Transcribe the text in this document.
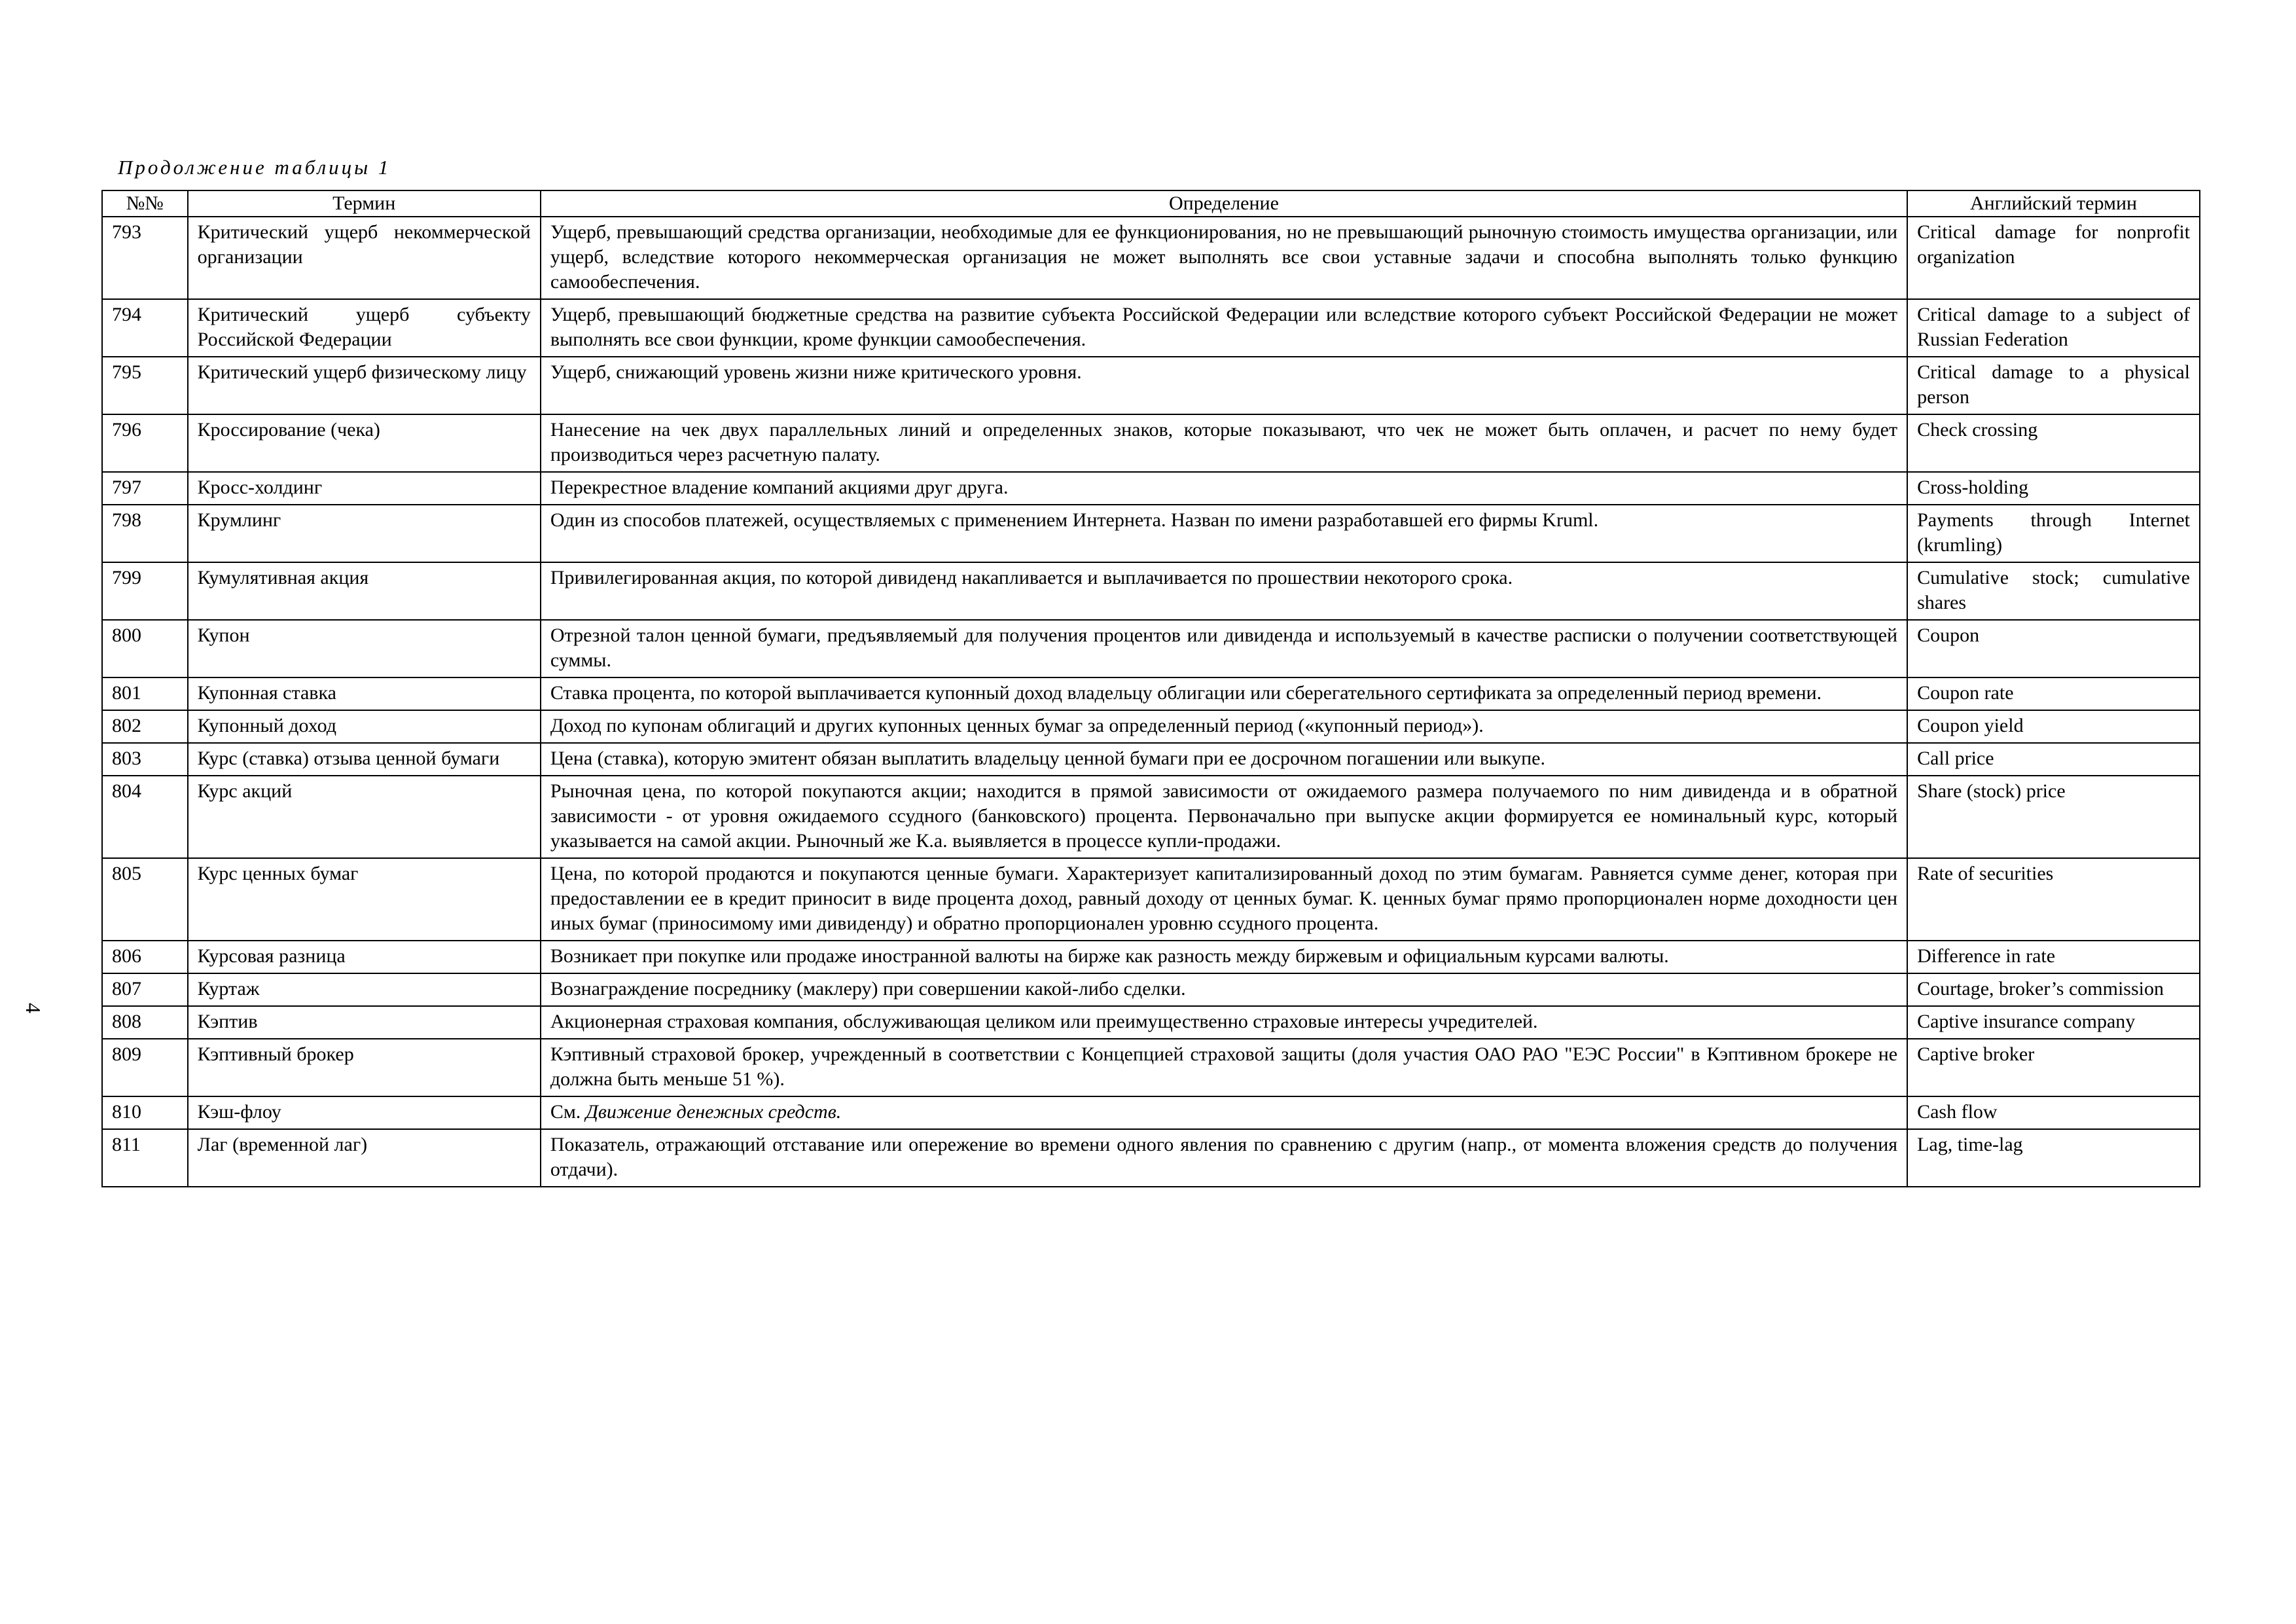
4
Продолжение таблицы 1
№№	Термин	Определение	Английский термин
793	Критический ущерб некоммерческой организации	Ущерб, превышающий средства организации, необходимые для ее функционирования, но не превышающий рыночную стоимость имущества организации, или ущерб, вследствие которого некоммерческая организация не может выполнять все свои уставные задачи и способна выполнять только функцию самообеспечения.	Critical damage for nonprofit organization
794	Критический ущерб субъекту Российской Федерации	Ущерб, превышающий бюджетные средства на развитие субъекта Российской Федерации или вследствие которого субъект Российской Федерации не может выполнять все свои функции, кроме функции самообеспечения.	Critical damage to a subject of Russian Federation
795	Критический ущерб физическому лицу	Ущерб, снижающий уровень жизни ниже критического уровня.	Critical damage to a physical person
796	Кроссирование (чека)	Нанесение на чек двух параллельных линий и определенных знаков, которые показывают, что чек не может быть оплачен, и расчет по нему будет производиться через расчетную палату.	Check crossing
797	Кросс-холдинг	Перекрестное владение компаний акциями друг друга.	Cross-holding
798	Крумлинг	Один из способов платежей, осуществляемых с применением Интернета. Назван по имени разработавшей его фирмы Kruml.	Payments through Internet (krumling)
799	Кумулятивная акция	Привилегированная акция, по которой дивиденд накапливается и выплачивается по прошествии некоторого срока.	Cumulative stock; cumulative shares
800	Купон	Отрезной талон ценной бумаги, предъявляемый для получения процентов или дивиденда и используемый в качестве расписки о получении соответствующей суммы.	Coupon
801	Купонная ставка	Ставка процента, по которой выплачивается купонный доход владельцу облигации или сберегательного сертификата за определенный период времени.	Coupon rate
802	Купонный доход	Доход по купонам облигаций и других купонных ценных бумаг за определенный период («купонный период»).	Coupon yield
803	Курс (ставка) отзыва ценной бумаги	Цена (ставка), которую эмитент обязан выплатить владельцу ценной бумаги при ее досрочном погашении или выкупе.	Call price
804	Курс акций	Рыночная цена, по которой покупаются акции; находится в прямой зависимости от ожидаемого размера получаемого по ним дивиденда и в обратной зависимости - от уровня ожидаемого ссудного (банковского) процента. Первоначально при выпуске акции формируется ее номинальный курс, который указывается на самой акции. Рыночный же К.а. выявляется в процессе купли-продажи.	Share (stock) price
805	Курс ценных бумаг	Цена, по которой продаются и покупаются ценные бумаги. Характеризует капитализированный доход по этим бумагам. Равняется сумме денег, которая при предоставлении ее в кредит приносит в виде процента доход, равный доходу от ценных бумаг. К. ценных бумаг прямо пропорционален норме доходности цен иных бумаг (приносимому ими дивиденду) и обратно пропорционален уровню ссудного процента.	Rate of securities
806	Курсовая разница	Возникает при покупке или продаже иностранной валюты на бирже как разность между биржевым и официальным курсами валюты.	Difference in rate
807	Куртаж	Вознаграждение посреднику (маклеру) при совершении какой-либо сделки.	Courtage, broker’s commission
808	Кэптив	Акционерная страховая компания, обслуживающая целиком или преимущественно страховые интересы учредителей.	Captive insurance company
809	Кэптивный брокер	Кэптивный страховой брокер, учрежденный в соответствии с Концепцией страховой защиты (доля участия ОАО РАО "ЕЭС России" в Кэптивном брокере не должна быть меньше 51 %).	Captive broker
810	Кэш-флоу	См. Движение денежных средств.	Cash flow
811	Лаг (временной лаг)	Показатель, отражающий отставание или опережение во времени одного явления по сравнению с другим (напр., от момента вложения средств до получения отдачи).	Lag, time-lag
